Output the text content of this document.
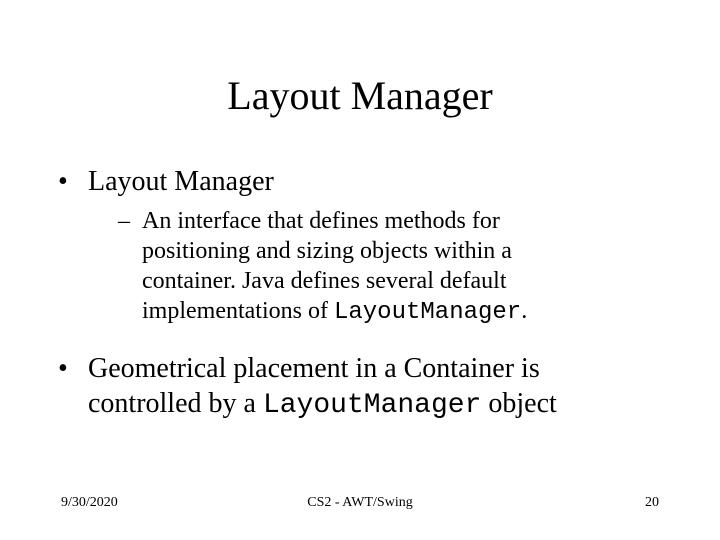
Layout Manager
• Layout Manager
– An interface that defines methods for
positioning and sizing objects within a
container. Java defines several default
implementations of LayoutManager.
• Geometrical placement in a Container is
controlled by a LayoutManager object
9/30/2020	CS2 - AWT/Swing	20
